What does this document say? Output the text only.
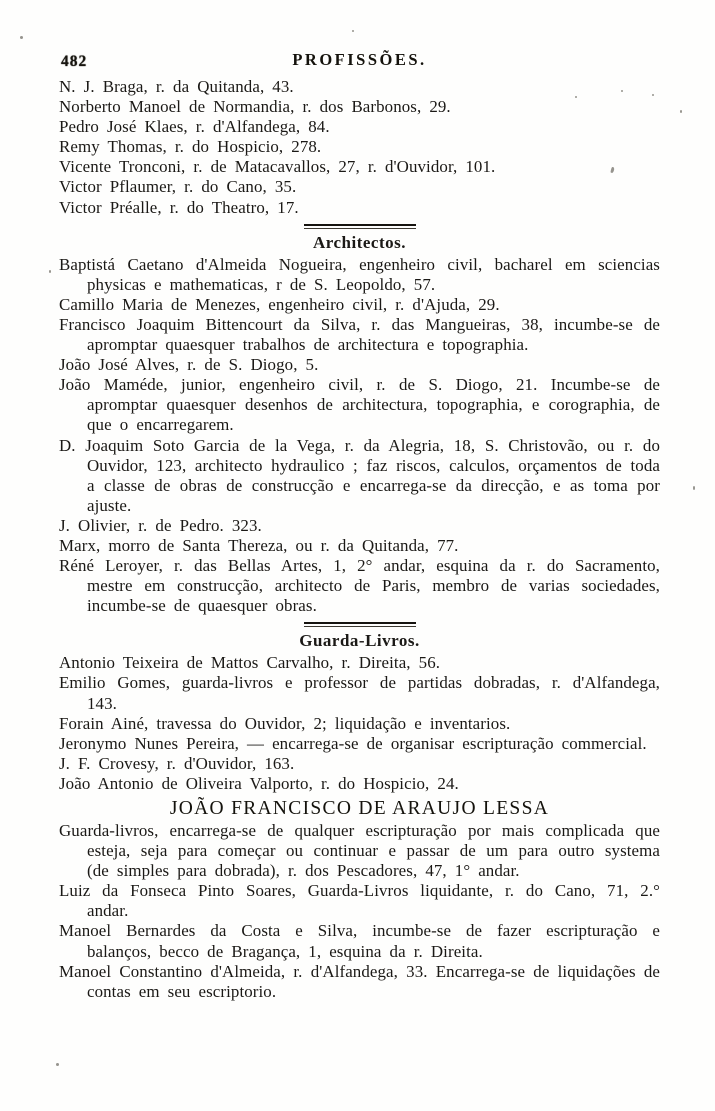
482	PROFISSÕES.

N. J. Braga, r. da Quitanda, 43.

Norberto Manoel de Normandia, r. dos Barbonos, 29.

Pedro José Klaes, r. d'Alfandega, 84.

Remy Thomas, r. do Hospicio, 278.

Vicente Tronconi, r. de Matacavallos, 27, r. d'Ouvidor, 101.

Victor Pflaumer, r. do Cano, 35.

Victor Préalle, r. do Theatro, 17.

Architectos.

Baptistá Caetano d'Almeida Nogueira, engenheiro civil, bacharel em sciencias physicas e mathematicas, r de S. Leopoldo, 57.

Camillo Maria de Menezes, engenheiro civil, r. d'Ajuda, 29.

Francisco Joaquim Bittencourt da Silva, r. das Mangueiras, 38, incumbe-se de apromptar quaesquer trabalhos de architectura e topographia.

João José Alves, r. de S. Diogo, 5.

João Maméde, junior, engenheiro civil, r. de S. Diogo, 21. Incumbe-se de apromptar quaesquer desenhos de architectura, topographia, e corographia, de que o encarregarem.

D. Joaquim Soto Garcia de la Vega, r. da Alegria, 18, S. Christovão, ou r. do Ouvidor, 123, architecto hydraulico ; faz riscos, calculos, orçamentos de toda a classe de obras de construcção e encarrega-se da direcção, e as toma por ajuste.

J. Olivier, r. de Pedro. 323.

Marx, morro de Santa Thereza, ou r. da Quitanda, 77.

Réné Leroyer, r. das Bellas Artes, 1, 2° andar, esquina da r. do Sacramento, mestre em construcção, architecto de Paris, membro de varias sociedades, incumbe-se de quaesquer obras.

Guarda-Livros.

Antonio Teixeira de Mattos Carvalho, r. Direita, 56.

Emilio Gomes, guarda-livros e professor de partidas dobradas, r. d'Alfandega, 143.

Forain Ainé, travessa do Ouvidor, 2; liquidação e inventarios.

Jeronymo Nunes Pereira, — encarrega-se de organisar escripturação commercial.

J. F. Crovesy, r. d'Ouvidor, 163.

João Antonio de Oliveira Valporto, r. do Hospicio, 24.

JOÃO FRANCISCO DE ARAUJO LESSA

Guarda-livros, encarrega-se de qualquer escripturação por mais complicada que esteja, seja para começar ou continuar e passar de um para outro systema (de simples para dobrada), r. dos Pescadores, 47, 1° andar.

Luiz da Fonseca Pinto Soares, Guarda-Livros liquidante, r. do Cano, 71, 2.° andar.

Manoel Bernardes da Costa e Silva, incumbe-se de fazer escripturação e balanços, becco de Bragança, 1, esquina da r. Direita.

Manoel Constantino d'Almeida, r. d'Alfandega, 33. Encarrega-se de liquidações de contas em seu escriptorio.
